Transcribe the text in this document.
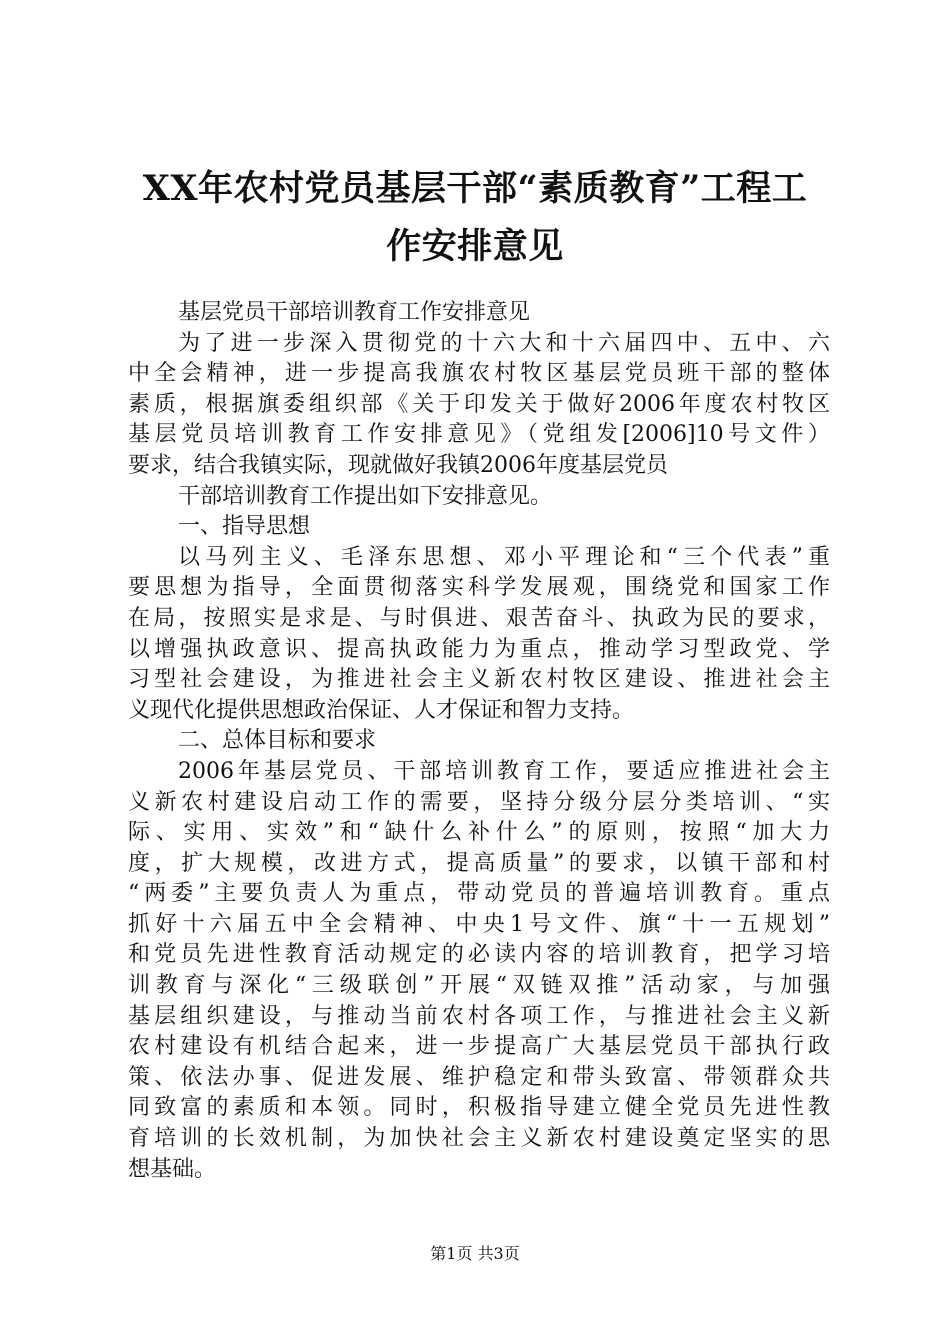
XX年农村党员基层干部“素质教育”工程工
作安排意见
基层党员干部培训教育工作安排意见
为了进一步深入贯彻党的十六大和十六届四中、五中、六
中全会精神，进一步提高我旗农村牧区基层党员班干部的整体
素质，根据旗委组织部《关于印发关于做好2006年度农村牧区
基层党员培训教育工作安排意见》（党组发[2006]10号文件）
要求，结合我镇实际，现就做好我镇2006年度基层党员
干部培训教育工作提出如下安排意见。
一、指导思想
以马列主义、毛泽东思想、邓小平理论和“三个代表”重
要思想为指导，全面贯彻落实科学发展观，围绕党和国家工作
在局，按照实是求是、与时俱进、艰苦奋斗、执政为民的要求，
以增强执政意识、提高执政能力为重点，推动学习型政党、学
习型社会建设，为推进社会主义新农村牧区建设、推进社会主
义现代化提供思想政治保证、人才保证和智力支持。
二、总体目标和要求
2006年基层党员、干部培训教育工作，要适应推进社会主
义新农村建设启动工作的需要，坚持分级分层分类培训、“实
际、实用、实效”和“缺什么补什么”的原则，按照“加大力
度，扩大规模，改进方式，提高质量”的要求，以镇干部和村
“两委”主要负责人为重点，带动党员的普遍培训教育。重点
抓好十六届五中全会精神、中央1号文件、旗“十一五规划”
和党员先进性教育活动规定的必读内容的培训教育，把学习培
训教育与深化“三级联创”开展“双链双推”活动家，与加强
基层组织建设，与推动当前农村各项工作，与推进社会主义新
农村建设有机结合起来，进一步提高广大基层党员干部执行政
策、依法办事、促进发展、维护稳定和带头致富、带领群众共
同致富的素质和本领。同时，积极指导建立健全党员先进性教
育培训的长效机制，为加快社会主义新农村建设奠定坚实的思
想基础。
第1页 共3页
